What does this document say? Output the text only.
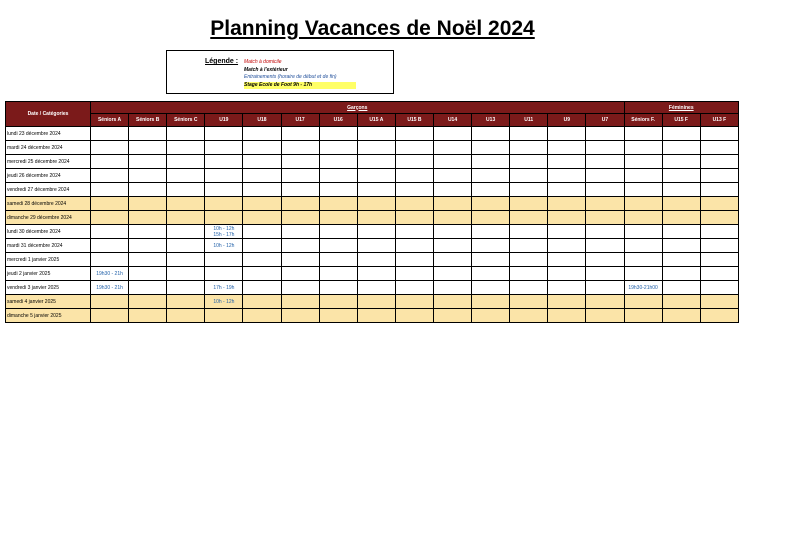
Planning Vacances de Noël 2024
Légende : Match à domicile
Match à l'extérieur
Entrainements (horaire de début et de fin)
Stage Ecole de Foot 9h - 17h
Date / Catégories	Garçons														Féminines		
	Séniors A	Séniors B	Séniors C	U19	U18	U17	U16	U15 A	U15 B	U14	U13	U11	U9	U7	Séniors F.	U15 F	U13 F
lundi 23 décembre 2024																	
mardi 24 décembre 2024																	
mercredi 25 décembre 2024																	
jeudi 26 décembre 2024																	
vendredi 27 décembre 2024																	
samedi 28 décembre 2024																	
dimanche 29 décembre 2024																	
lundi 30 décembre 2024				10h - 12h
15h - 17h													

mardi 31 décembre 2024				10h - 12h													

mercredi 1 janvier 2025																	
jeudi 2 janvier 2025	19h30 - 21h																

vendredi 3 janvier 2025	19h30 - 21h			17h - 19h											19h30-21h00		

samedi 4 janvier 2025				10h - 12h													

dimanche 5 janvier 2025																	
